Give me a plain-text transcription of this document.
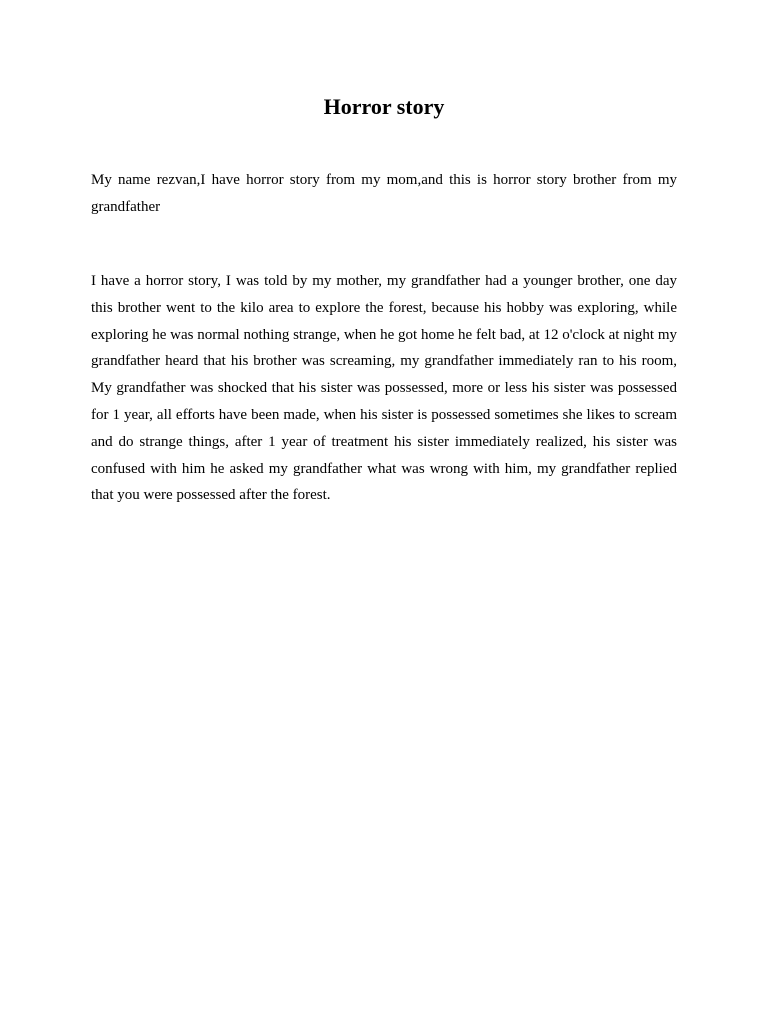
Horror story

My name rezvan,I have horror story from my mom,and this is horror story brother from my grandfather

I have a horror story, I was told by my mother, my grandfather had a younger brother, one day this brother went to the kilo area to explore the forest, because his hobby was exploring, while exploring he was normal nothing strange, when he got home he felt bad, at 12 o'clock at night my grandfather heard that his brother was screaming, my grandfather immediately ran to his room, My grandfather was shocked that his sister was possessed, more or less his sister was possessed for 1 year, all efforts have been made, when his sister is possessed sometimes she likes to scream and do strange things, after 1 year of treatment his sister immediately realized, his sister was confused with him he asked my grandfather what was wrong with him, my grandfather replied that you were possessed after the forest.
